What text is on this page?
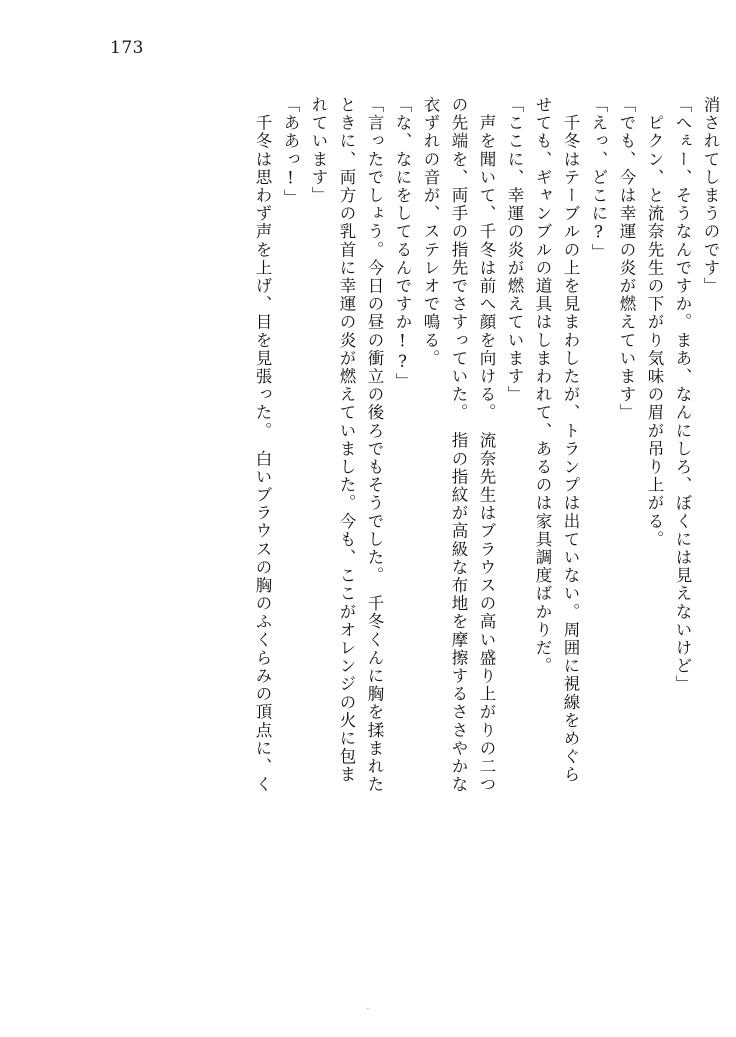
173
消されてしまうのです」
「へぇー、そうなんですか。まあ、なんにしろ、ぼくには見えないけど」
　ピクン、と流奈先生の下がり気味の眉が吊り上がる。
「でも、今は幸運の炎が燃えています」
「えっ、どこに?」
　千冬はテーブルの上を見まわしたが、トランプは出ていない。周囲に視線をめぐら
せても、ギャンブルの道具はしまわれて、あるのは家具調度ばかりだ。
「ここに、幸運の炎が燃えています」
　声を聞いて、千冬は前へ顔を向ける。　流奈先生はブラウスの高い盛り上がりの二つ
の先端を、両手の指先でさすっていた。　指の指紋が高級な布地を摩擦するささやかな
衣ずれの音が、ステレオで鳴る。
「な、なにをしてるんですか!?」
「言ったでしょう。今日の昼の衝立の後ろでもそうでした。　千冬くんに胸を揉まれた
ときに、両方の乳首に幸運の炎が燃えていました。今も、ここがオレンジの火に包ま
れています」
「ああっ!」
　千冬は思わず声を上げ、目を見張った。　白いブラウスの胸のふくらみの頂点に、く
·
